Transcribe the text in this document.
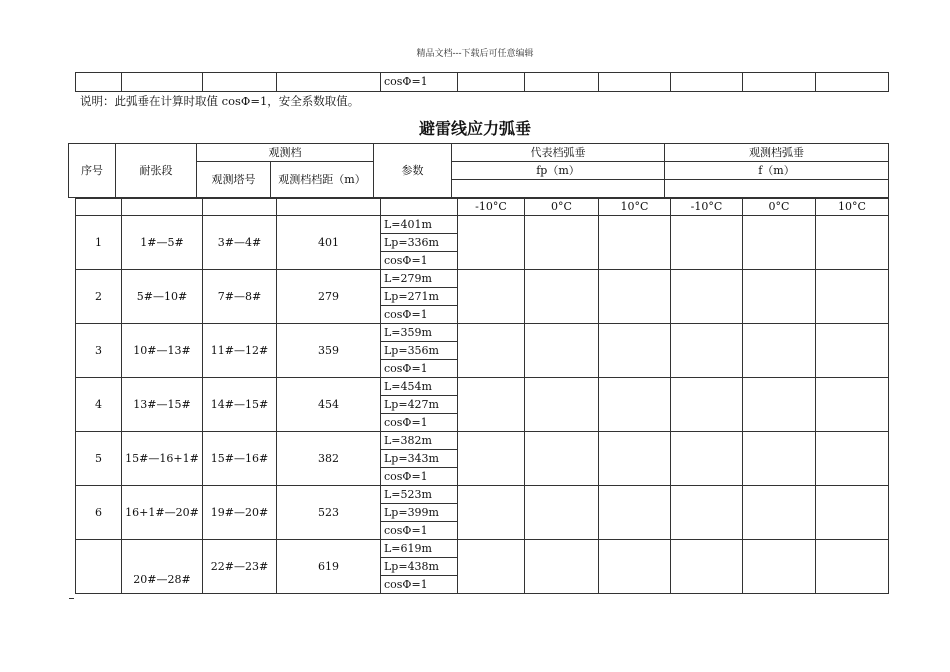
精品文档---下载后可任意编辑
				cosΦ=1						
说明：此弧垂在计算时取值 cosΦ=1，安全系数取值。
避雷线应力弧垂
序号	耐张段	观测档		参数	代表档弧垂	观测档弧垂
		观测塔号	观测档档距（m）		fp（m）	f（m）

					-10°C	0°C	10°C	-10°C	0°C	10°C
1	1#—5#	3#—4#	401	L=401m						
				Lp=336m						
				cosΦ=1						
2	5#—10#	7#—8#	279	L=279m						
				Lp=271m						
				cosΦ=1						
3	10#—13#	11#—12#	359	L=359m						
				Lp=356m						
				cosΦ=1						
4	13#—15#	14#—15#	454	L=454m						
				Lp=427m						
				cosΦ=1						
5	15#—16+1#	15#—16#	382	L=382m						
				Lp=343m						
				cosΦ=1						
6	16+1#—20#	19#—20#	523	L=523m						
				Lp=399m						
				cosΦ=1						
	20#—28#	22#—23#	619	L=619m						
				Lp=438m						
				cosΦ=1						
